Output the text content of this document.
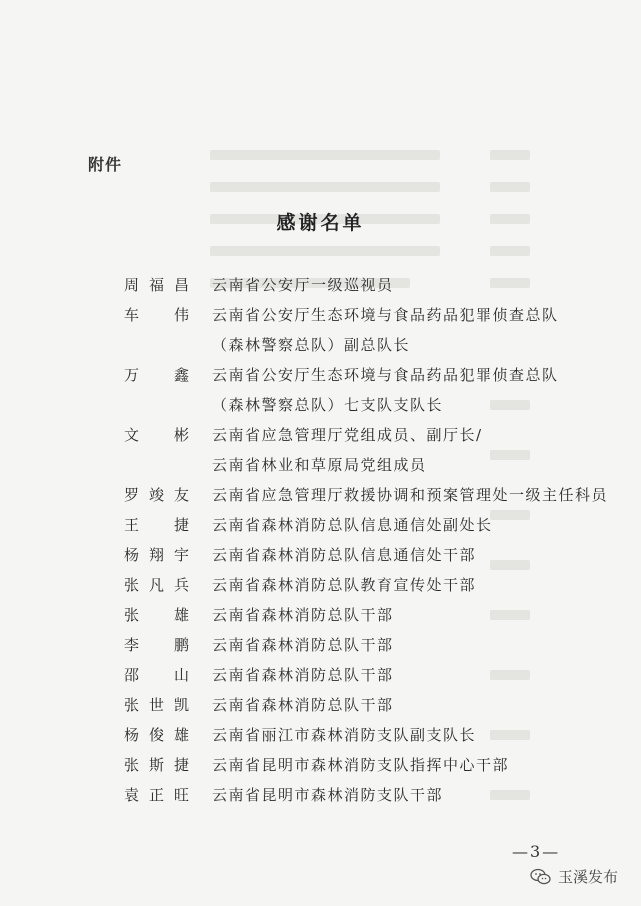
附件
感谢名单
周福昌 云南省公安厅一级巡视员
车伟 云南省公安厅生态环境与食品药品犯罪侦查总队
（森林警察总队）副总队长
万鑫 云南省公安厅生态环境与食品药品犯罪侦查总队
（森林警察总队）七支队支队长
文彬 云南省应急管理厅党组成员、副厅长/
云南省林业和草原局党组成员
罗竣友 云南省应急管理厅救援协调和预案管理处一级主任科员
王捷 云南省森林消防总队信息通信处副处长
杨翔宇 云南省森林消防总队信息通信处干部
张凡兵 云南省森林消防总队教育宣传处干部
张雄 云南省森林消防总队干部
李鹏 云南省森林消防总队干部
邵山 云南省森林消防总队干部
张世凯 云南省森林消防总队干部
杨俊雄 云南省丽江市森林消防支队副支队长
张斯捷 云南省昆明市森林消防支队指挥中心干部
袁正旺 云南省昆明市森林消防支队干部
—3—
玉溪发布
